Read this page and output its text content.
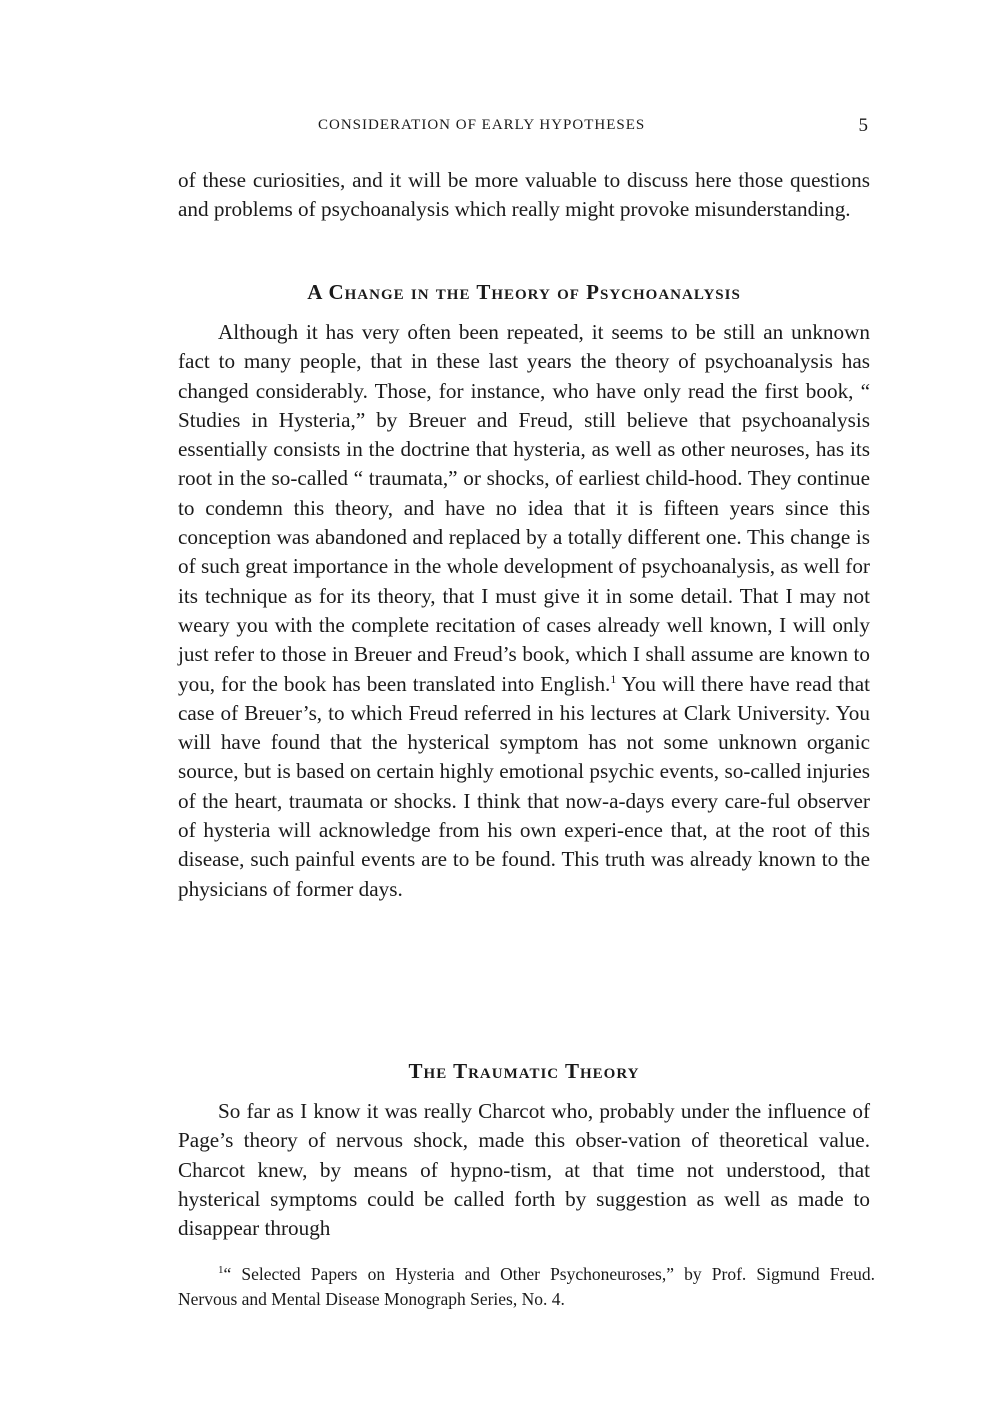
CONSIDERATION OF EARLY HYPOTHESES	5

of these curiosities, and it will be more valuable to discuss here those questions and problems of psychoanalysis which really might provoke misunderstanding.

A Change in the Theory of Psychoanalysis

Although it has very often been repeated, it seems to be still an unknown fact to many people, that in these last years the theory of psychoanalysis has changed considerably. Those, for instance, who have only read the first book, “ Studies in Hysteria,” by Breuer and Freud, still believe that psychoanalysis essentially consists in the doctrine that hysteria, as well as other neuroses, has its root in the so-called “ traumata,” or shocks, of earliest child-hood. They continue to condemn this theory, and have no idea that it is fifteen years since this conception was abandoned and replaced by a totally different one. This change is of such great importance in the whole development of psychoanalysis, as well for its technique as for its theory, that I must give it in some detail. That I may not weary you with the complete recitation of cases already well known, I will only just refer to those in Breuer and Freud’s book, which I shall assume are known to you, for the book has been translated into English.$^1$ You will there have read that case of Breuer’s, to which Freud referred in his lectures at Clark University. You will have found that the hysterical symptom has not some unknown organic source, but is based on certain highly emotional psychic events, so-called injuries of the heart, traumata or shocks. I think that now-a-days every care-ful observer of hysteria will acknowledge from his own experi-ence that, at the root of this disease, such painful events are to be found. This truth was already known to the physicians of former days.

The Traumatic Theory

So far as I know it was really Charcot who, probably under the influence of Page’s theory of nervous shock, made this obser-vation of theoretical value. Charcot knew, by means of hypno-tism, at that time not understood, that hysterical symptoms could be called forth by suggestion as well as made to disappear through

$^1$“ Selected Papers on Hysteria and Other Psychoneuroses,” by Prof. Sigmund Freud. Nervous and Mental Disease Monograph Series, No. 4.
